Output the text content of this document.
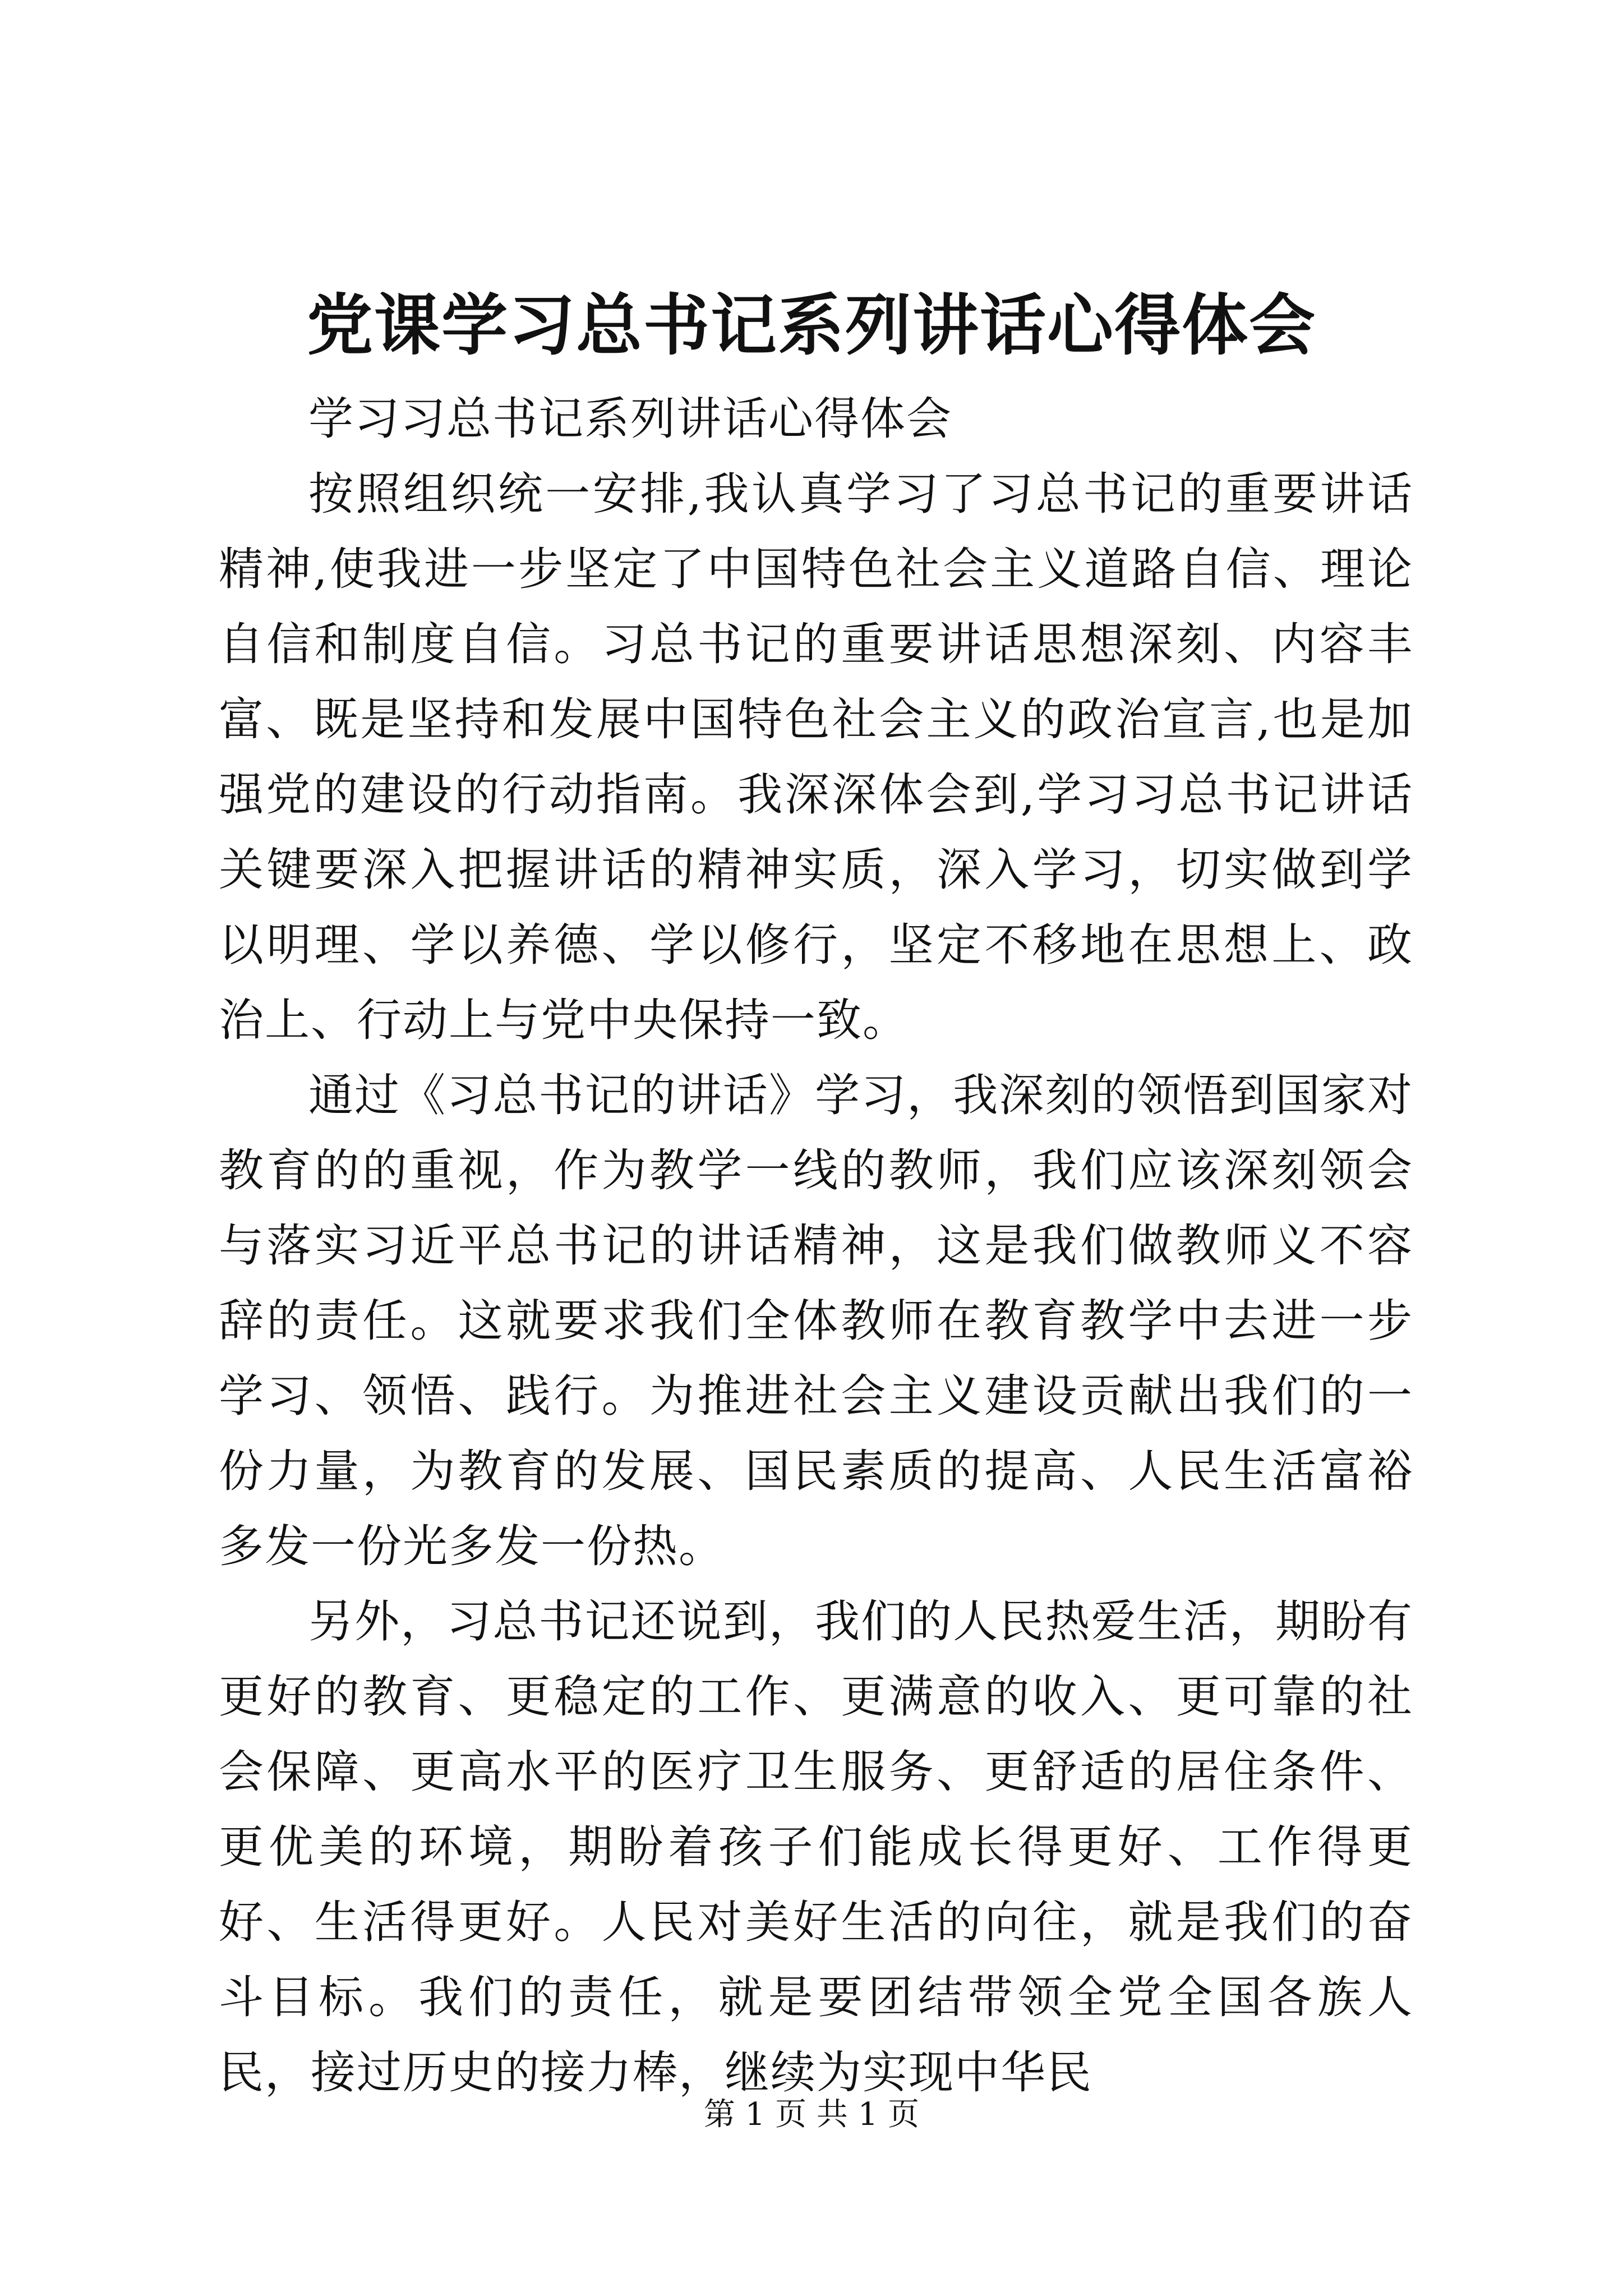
党课学习总书记系列讲话心得体会

学习习总书记系列讲话心得体会

按照组织统一安排,我认真学习了习总书记的重要讲话精神,使我进一步坚定了中国特色社会主义道路自信、理论自信和制度自信。习总书记的重要讲话思想深刻、内容丰富、既是坚持和发展中国特色社会主义的政治宣言,也是加强党的建设的行动指南。我深深体会到,学习习总书记讲话关键要深入把握讲话的精神实质，深入学习，切实做到学以明理、学以养德、学以修行，坚定不移地在思想上、政治上、行动上与党中央保持一致。

通过《习总书记的讲话》学习，我深刻的领悟到国家对教育的的重视，作为教学一线的教师，我们应该深刻领会与落实习近平总书记的讲话精神，这是我们做教师义不容辞的责任。这就要求我们全体教师在教育教学中去进一步学习、领悟、践行。为推进社会主义建设贡献出我们的一份力量，为教育的发展、国民素质的提高、人民生活富裕多发一份光多发一份热。

另外，习总书记还说到，我们的人民热爱生活，期盼有更好的教育、更稳定的工作、更满意的收入、更可靠的社会保障、更高水平的医疗卫生服务、更舒适的居住条件、更优美的环境，期盼着孩子们能成长得更好、工作得更好、生活得更好。人民对美好生活的向往，就是我们的奋斗目标。我们的责任，就是要团结带领全党全国各族人民，接过历史的接力棒，继续为实现中华民

第 1 页 共 1 页
